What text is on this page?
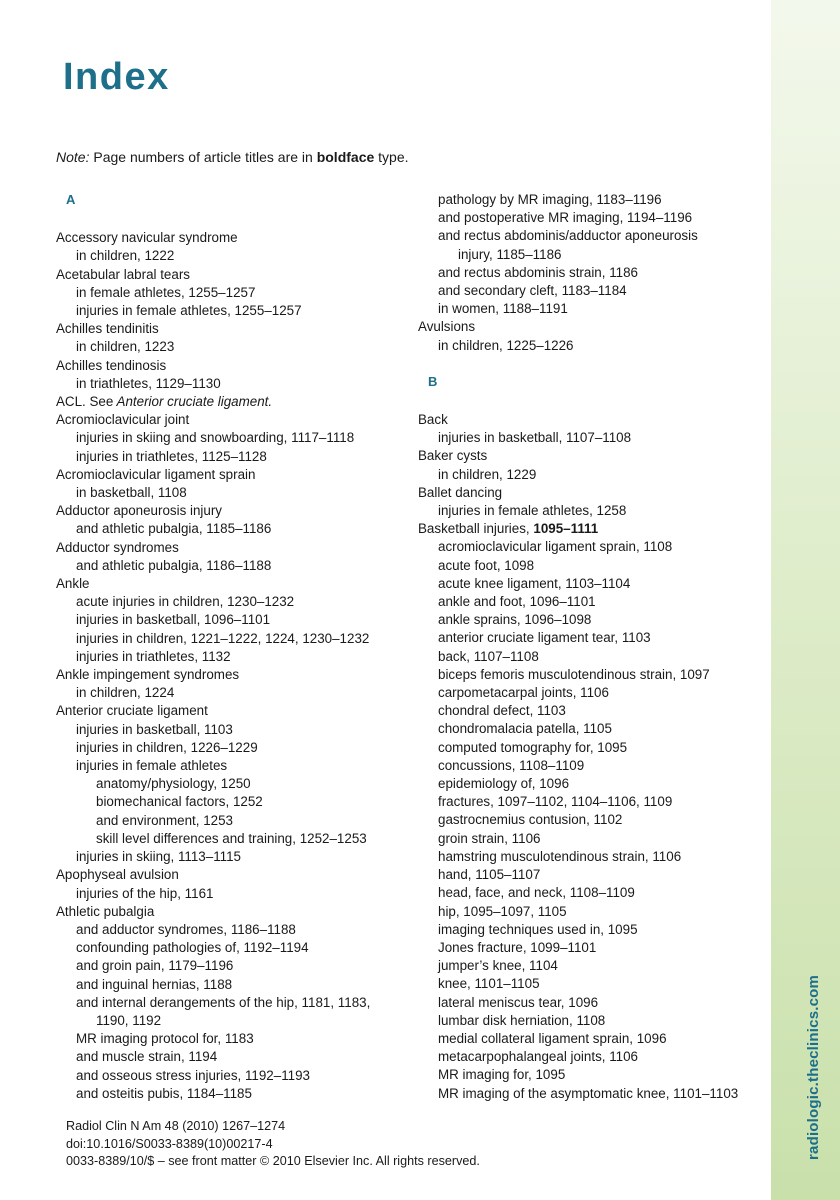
radiologic.theclinics.com
Index
Note: Page numbers of article titles are in boldface type.
A
Accessory navicular syndrome
in children, 1222
Acetabular labral tears
in female athletes, 1255–1257
injuries in female athletes, 1255–1257
Achilles tendinitis
in children, 1223
Achilles tendinosis
in triathletes, 1129–1130
ACL. See Anterior cruciate ligament.
Acromioclavicular joint
injuries in skiing and snowboarding, 1117–1118
injuries in triathletes, 1125–1128
Acromioclavicular ligament sprain
in basketball, 1108
Adductor aponeurosis injury
and athletic pubalgia, 1185–1186
Adductor syndromes
and athletic pubalgia, 1186–1188
Ankle
acute injuries in children, 1230–1232
injuries in basketball, 1096–1101
injuries in children, 1221–1222, 1224, 1230–1232
injuries in triathletes, 1132
Ankle impingement syndromes
in children, 1224
Anterior cruciate ligament
injuries in basketball, 1103
injuries in children, 1226–1229
injuries in female athletes
anatomy/physiology, 1250
biomechanical factors, 1252
and environment, 1253
skill level differences and training, 1252–1253
injuries in skiing, 1113–1115
Apophyseal avulsion
injuries of the hip, 1161
Athletic pubalgia
and adductor syndromes, 1186–1188
confounding pathologies of, 1192–1194
and groin pain, 1179–1196
and inguinal hernias, 1188
and internal derangements of the hip, 1181, 1183,
1190, 1192
MR imaging protocol for, 1183
and muscle strain, 1194
and osseous stress injuries, 1192–1193
and osteitis pubis, 1184–1185
pathology by MR imaging, 1183–1196
and postoperative MR imaging, 1194–1196
and rectus abdominis/adductor aponeurosis
injury, 1185–1186
and rectus abdominis strain, 1186
and secondary cleft, 1183–1184
in women, 1188–1191
Avulsions
in children, 1225–1226
B
Back
injuries in basketball, 1107–1108
Baker cysts
in children, 1229
Ballet dancing
injuries in female athletes, 1258
Basketball injuries, 1095–1111
acromioclavicular ligament sprain, 1108
acute foot, 1098
acute knee ligament, 1103–1104
ankle and foot, 1096–1101
ankle sprains, 1096–1098
anterior cruciate ligament tear, 1103
back, 1107–1108
biceps femoris musculotendinous strain, 1097
carpometacarpal joints, 1106
chondral defect, 1103
chondromalacia patella, 1105
computed tomography for, 1095
concussions, 1108–1109
epidemiology of, 1096
fractures, 1097–1102, 1104–1106, 1109
gastrocnemius contusion, 1102
groin strain, 1106
hamstring musculotendinous strain, 1106
hand, 1105–1107
head, face, and neck, 1108–1109
hip, 1095–1097, 1105
imaging techniques used in, 1095
Jones fracture, 1099–1101
jumper’s knee, 1104
knee, 1101–1105
lateral meniscus tear, 1096
lumbar disk herniation, 1108
medial collateral ligament sprain, 1096
metacarpophalangeal joints, 1106
MR imaging for, 1095
MR imaging of the asymptomatic knee, 1101–1103
Radiol Clin N Am 48 (2010) 1267–1274
doi:10.1016/S0033-8389(10)00217-4
0033-8389/10/$ – see front matter © 2010 Elsevier Inc. All rights reserved.
